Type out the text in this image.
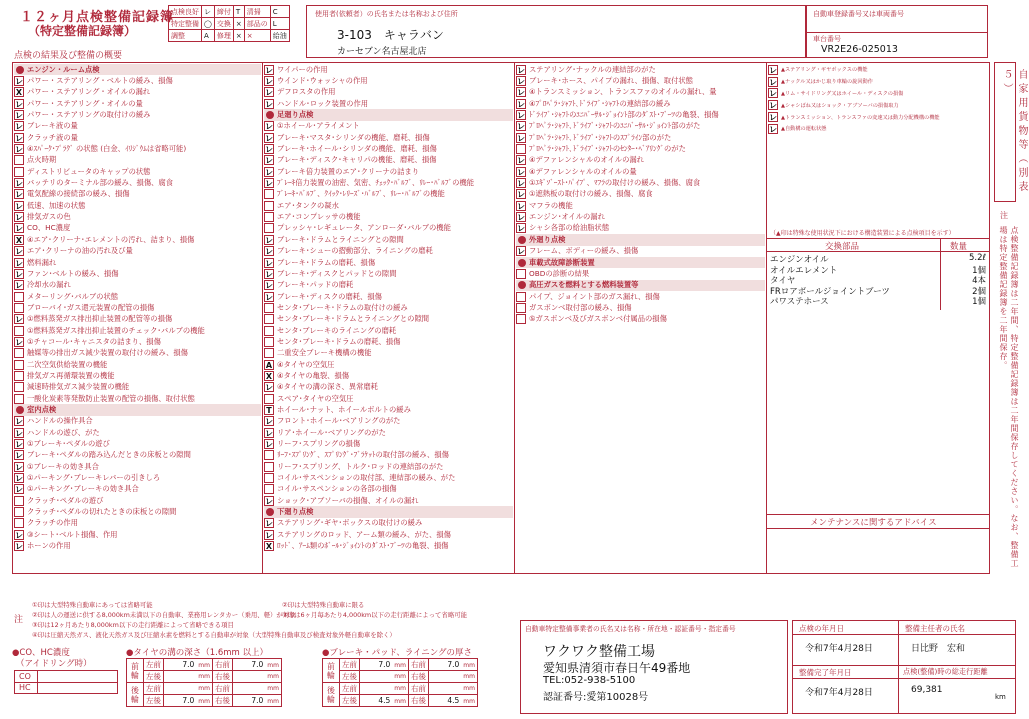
１２ヶ月点検整備記録簿
（特定整備記録簿）
点検良好	レ	締付	T	清掃	C
特定整備	◯	交換	×	部品の	L
調整	A	修理	×	×	給油
使用者(依頼者）の氏名または名称および住所
3-103　キャラバン
カーセブン名古屋北店
自動車登録番号又は車両番号
車台番号
VR2E26-025013
点検の結果及び整備の概要
エンジン・ルーム点検
レ パワー・ステアリング・ベルトの緩み、損傷
X パワー・ステアリング・オイルの漏れ
レ パワー・ステアリング・オイルの量
レ パワー・ステアリングの取付けの緩み
レ ブレーキ液の量
レ クラッチ液の量
レ ④ｽﾊﾟｰｸ･ﾌﾟﾗｸﾞ の状態 (白金、ｲﾘｼﾞｳﾑは省略可能)
点火時期
ディストリビュータのキャップの状態
レ バッテリのターミナル部の緩み、損傷、腐食
レ 電気配線の接続部の緩み、損傷
レ 低速、加速の状態
レ 排気ガスの色
レ CO、HC濃度
X ④エア･クリーナ･エレメントの汚れ、詰まり、損傷
レ エア･クリーナの油の汚れ及び量
レ 燃料漏れ
レ ファン･ベルトの緩み、損傷
レ 冷却水の漏れ
メターリング･バルブの状態
ブローバイ･ガス還元装置の配管の損傷
レ ①燃料蒸発ガス排出抑止装置の配管等の損傷
①燃料蒸発ガス排出抑止装置のチェック･バルブの機能
レ ①チャコール･キャニスタの詰まり、損傷
触媒等の排出ガス減少装置の取付けの緩み、損傷
二次空気供給装置の機能
排気ガス再循環装置の機能
減速時排気ガス減少装置の機能
一酸化炭素等発散防止装置の配管の損傷、取付状態
室内点検
レ ハンドルの操作具合
レ ハンドルの遊び、がた
レ ①ブレーキ･ペダルの遊び
レ ブレーキ･ペダルの踏み込んだときの床板との隙間
レ ①ブレーキの効き具合
レ ①パーキング･ブレーキレバーの引きしろ
レ ①パーキング･ブレーキの効き具合
クラッチ･ペダルの遊び
クラッチ･ペダルの切れたときの床板との隙間
クラッチの作用
レ ③シート･ベルト損傷、作用
レ ホーンの作用
レ ワイパーの作用
レ ウインド･ウォッシャの作用
レ デフロスタの作用
レ ハンドル･ロック装置の作用
足廻り点検
レ ①ホイール･アライメント
レ ブレーキ･マスタ･シリンダの機能、磨耗、損傷
レ ブレーキ･ホイール･シリンダの機能、磨耗、損傷
レ ブレーキ･ディスク･キャリパの機能、磨耗、損傷
レ ブレーキ倍力装置のエア･クリーナの詰まり
レ ﾌﾞﾚｰｷ倍力装置の油密、気密、ﾁｪｯｸ･ﾊﾞﾙﾌﾞ、ﾘﾚｰ･ﾊﾞﾙﾌﾞの機能
ﾌﾞﾚｰｷ･ﾊﾞﾙﾌﾞ、ｸｲｯｸ･ﾚﾘｰｽﾞ･ﾊﾞﾙﾌﾞ、ﾘﾚｰ･ﾊﾞﾙﾌﾞの機能
エア･タンクの凝水
エア･コンプレッサの機能
プレッシャ･レギュレータ、アンローダ･バルブの機能
レ ブレーキ･ドラムとライニングとの隙間
レ ブレーキ･シューの摺動部分、ライニングの磨耗
レ ブレーキ･ドラムの磨耗、損傷
レ ブレーキ･ディスクとパッドとの隙間
レ ブレーキ･パッドの磨耗
レ ブレーキ･ディスクの磨耗、損傷
センタ･ブレーキ･ドラムの取付けの緩み
センタ･ブレーキ･ドラムとライニングとの隙間
センタ･ブレーキのライニングの磨耗
センタ･ブレーキ･ドラムの磨耗、損傷
二重安全ブレーキ機構の機能
A ④タイヤの空気圧
X ④タイヤの亀裂、損傷
レ ④タイヤの溝の深さ、異常磨耗
スペア･タイヤの空気圧
T ホイール･ナット、ホイールボルトの緩み
レ フロント･ホイール･ベアリングのがた
レ リア･ホイール･ベアリングのがた
レ リーフ･スプリングの損傷
ﾘｰﾌ･ｽﾌﾟﾘﾝｸﾞ、ｽﾌﾟﾘﾝｸﾞ･ﾌﾞﾗｹｯﾄの取付部の緩み、損傷
リーフ･スプリング、トルク･ロッドの連結部のがた
コイル･サスペンションの取付部、連結部の緩み、がた
コイル･サスペンションの各部の損傷
レ ショック･アブソーバの損傷、オイルの漏れ
下廻り点検
レ ステアリング･ギヤ･ボックスの取付けの緩み
レ ステアリングのロッド、アーム類の緩み、がた、損傷
X ﾛｯﾄﾞ、ｱｰﾑ類のﾎﾞｰﾙ･ｼﾞｮｲﾝﾄのﾀﾞｽﾄ･ﾌﾞｰﾂの亀裂、損傷
レ ステアリング･ナックルの連結部のがた
レ ブレーキ･ホース、パイプの漏れ、損傷、取付状態
レ ④トランスミッション、トランスファのオイルの漏れ、量
レ ④ﾌﾟﾛﾍﾟﾗ･ｼｬﾌﾄ､ﾄﾞﾗｲﾌﾞ･ｼｬﾌﾄの連結部の緩み
レ ﾄﾞﾗｲﾌﾞ･ｼｬﾌﾄのﾕﾆﾊﾞｰｻﾙ･ｼﾞｮｲﾝﾄ部のﾀﾞｽﾄ･ﾌﾞｰﾂの亀裂、損傷
レ ﾌﾟﾛﾍﾟﾗ･ｼｬﾌﾄ､ﾄﾞﾗｲﾌﾞ･ｼｬﾌﾄのﾕﾆﾊﾞｰｻﾙ･ｼﾞｮｲﾝﾄ部のがた
レ ﾌﾟﾛﾍﾟﾗ･ｼｬﾌﾄ､ﾄﾞﾗｲﾌﾞ･ｼｬﾌﾄのｽﾌﾟﾗｲﾝ部のがた
ﾌﾟﾛﾍﾟﾗ･ｼｬﾌﾄ､ﾄﾞﾗｲﾌﾞ･ｼｬﾌﾄのｾﾝﾀｰ･ﾍﾞｱﾘﾝｸﾞのがた
レ ④デファレンシャルのオイルの漏れ
レ ④デファレンシャルのオイルの量
レ ①ｴｷﾞｿﾞｰｽﾄ･ﾊﾟｲﾌﾟ、ﾏﾌﾗの取付けの緩み、損傷、腐食
レ ①遮熱板の取付けの緩み、損傷、腐食
レ マフラの機能
レ エンジン･オイルの漏れ
レ シャシ各部の給油脂状態
外廻り点検
レ フレーム、ボディーの緩み、損傷
車載式故障診断装置
OBDの診断の結果
高圧ガスを燃料とする燃料装置等
パイプ、ジョイント部のガス漏れ、損傷
ガスボンベ取付部の緩み、損傷
⑤ガスボンベ及びガスボンベ付属品の損傷
レ ▲ステアリング・ギヤボックスの機能
レ ▲ナックル又はかじ取り車輪の旋回動作
レ ▲リム・サイドリング又はホイール・ディスクの損傷
レ ▲シャシばね又はショック・アブソーバの損傷取力
レ ▲トランスミッション、トランスファの変速又は動力分配機構の機能
レ ▲自動構の運転状態
（▲印は特殊な使用状況下における構造装置による点検項目を示す）
交換部品	数量
エンジンオイル	5.2ℓ
オイルエレメント	1個
タイヤ	4本
FRロアボールジョイントブーツ	2個
パワステホース	1個
メンテナンスに関するアドバイス
自家用貨物等（別表５）
注
点検整備記録簿は二年間、特定整備記録簿は二年間保存してください。なお、整備工場は特定整備記録簿を二年間保存。
注
①印は大型特殊自動車にあっては省略可能
②印は人の運送に供する8,000km未満以下の自動車、業務用レンタカー（乗用、軽）が対象
③印は12ヶ月あたり8,000km以下の走行距離によって省略できる項目
④印は圧縮天然ガス、液化天然ガス及び圧縮水素を燃料とする自動車が対象（大型特殊自動車及び検査対象外軽自動車を除く）
②印は大型特殊自動車に限る
③印は6ヶ月毎あたり4,000km以下の走行距離によって省略可能
●CO、HC濃度
（アイドリング時）
CO
HC
●タイヤの溝の深さ（1.6mm 以上）
前輪	左前	7.0 mm	右前	7.0 mm

	左後	mm	右後	mm

後輪	左前	mm	右前	mm

	左後	7.0 mm	右後	7.0 mm
●ブレーキ・パッド、ライニングの厚さ
前輪	左前	7.0 mm	右前	7.0 mm

	左後	mm	右後	mm

後輪	左前	mm	右前	mm

	左後	4.5 mm	右後	4.5 mm
自動車特定整備事業者の氏名又は名称・所在地・認証番号・指定番号
ワクワク整備工場
愛知県清須市春日午49番地
TEL:052-938-5100
認証番号:愛第10028号
点検の年月日
令和7年4月28日
整備完了年月日
令和7年4月28日
整備主任者の氏名
日比野　宏和
点検(整備)時の総走行距離
69,381
km
